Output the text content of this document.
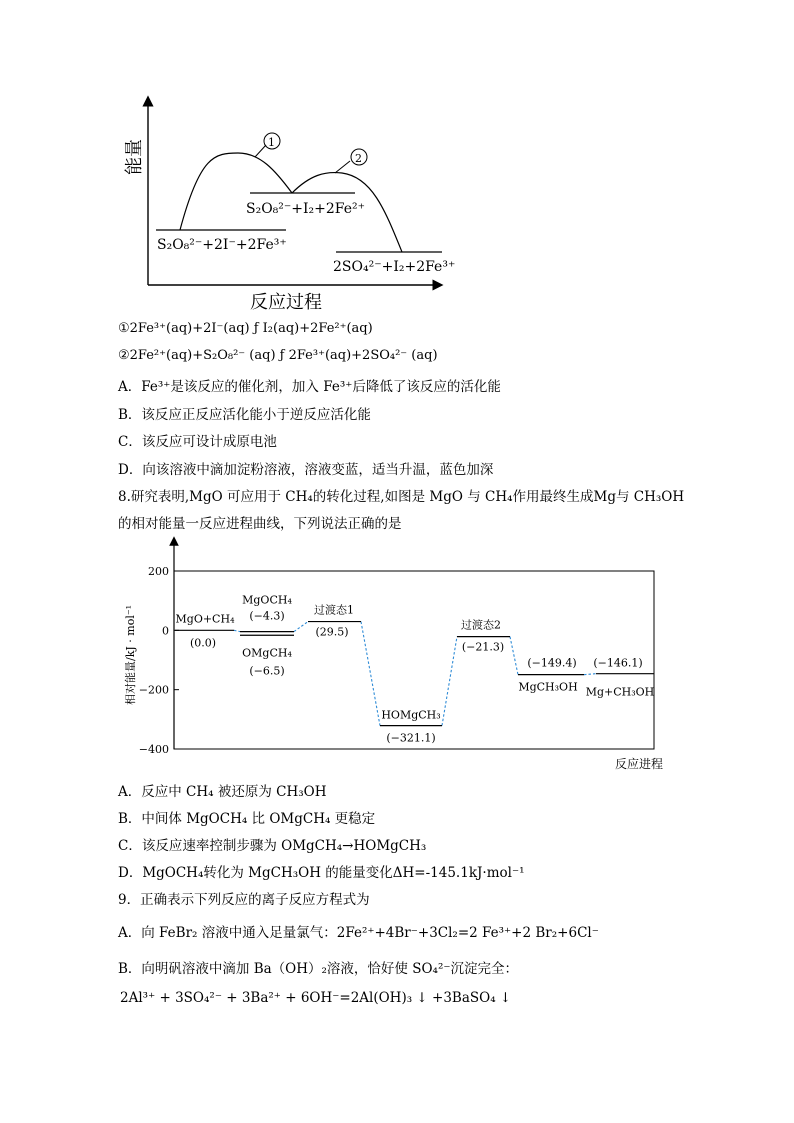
能量
反应过程
S₂O₈²⁻+2I⁻+2Fe³⁺
S₂O₈²⁻+I₂+2Fe²⁺
2SO₄²⁻+I₂+2Fe³⁺
1
2
①2Fe³⁺(aq)+2I⁻(aq) ƒ I₂(aq)+2Fe²⁺(aq)
②2Fe²⁺(aq)+S₂O₈²⁻ (aq) ƒ 2Fe³⁺(aq)+2SO₄²⁻ (aq)
A．Fe³⁺是该反应的催化剂，加入 Fe³⁺后降低了该反应的活化能
B．该反应正反应活化能小于逆反应活化能
C．该反应可设计成原电池
D．向该溶液中滴加淀粉溶液，溶液变蓝，适当升温，蓝色加深
8.研究表明,MgO 可应用于 CH₄的转化过程,如图是 MgO 与 CH₄作用最终生成Mg与 CH₃OH
的相对能量一反应进程曲线，下列说法正确的是
相对能量/kJ · mol⁻¹
反应进程
200
0
−200
−400
MgO+CH₄
(0.0)
MgOCH₄
(−4.3)
OMgCH₄
(−6.5)
过渡态1
(29.5)
HOMgCH₃
(−321.1)
过渡态2
(−21.3)
MgCH₃OH
(−149.4)
Mg+CH₃OH
(−146.1)
A．反应中 CH₄ 被还原为 CH₃OH
B．中间体 MgOCH₄ 比 OMgCH₄ 更稳定
C．该反应速率控制步骤为 OMgCH₄→HOMgCH₃
D．MgOCH₄转化为 MgCH₃OH 的能量变化ΔH=-145.1kJ·mol⁻¹
9．正确表示下列反应的离子反应方程式为
A．向 FeBr₂ 溶液中通入足量氯气：2Fe²⁺+4Br⁻+3Cl₂=2 Fe³⁺+2 Br₂+6Cl⁻
B．向明矾溶液中滴加 Ba（OH）₂溶液，恰好使 SO₄²⁻沉淀完全：
2Al³⁺ + 3SO₄²⁻ + 3Ba²⁺ + 6OH⁻=2Al(OH)₃ ↓ +3BaSO₄ ↓
